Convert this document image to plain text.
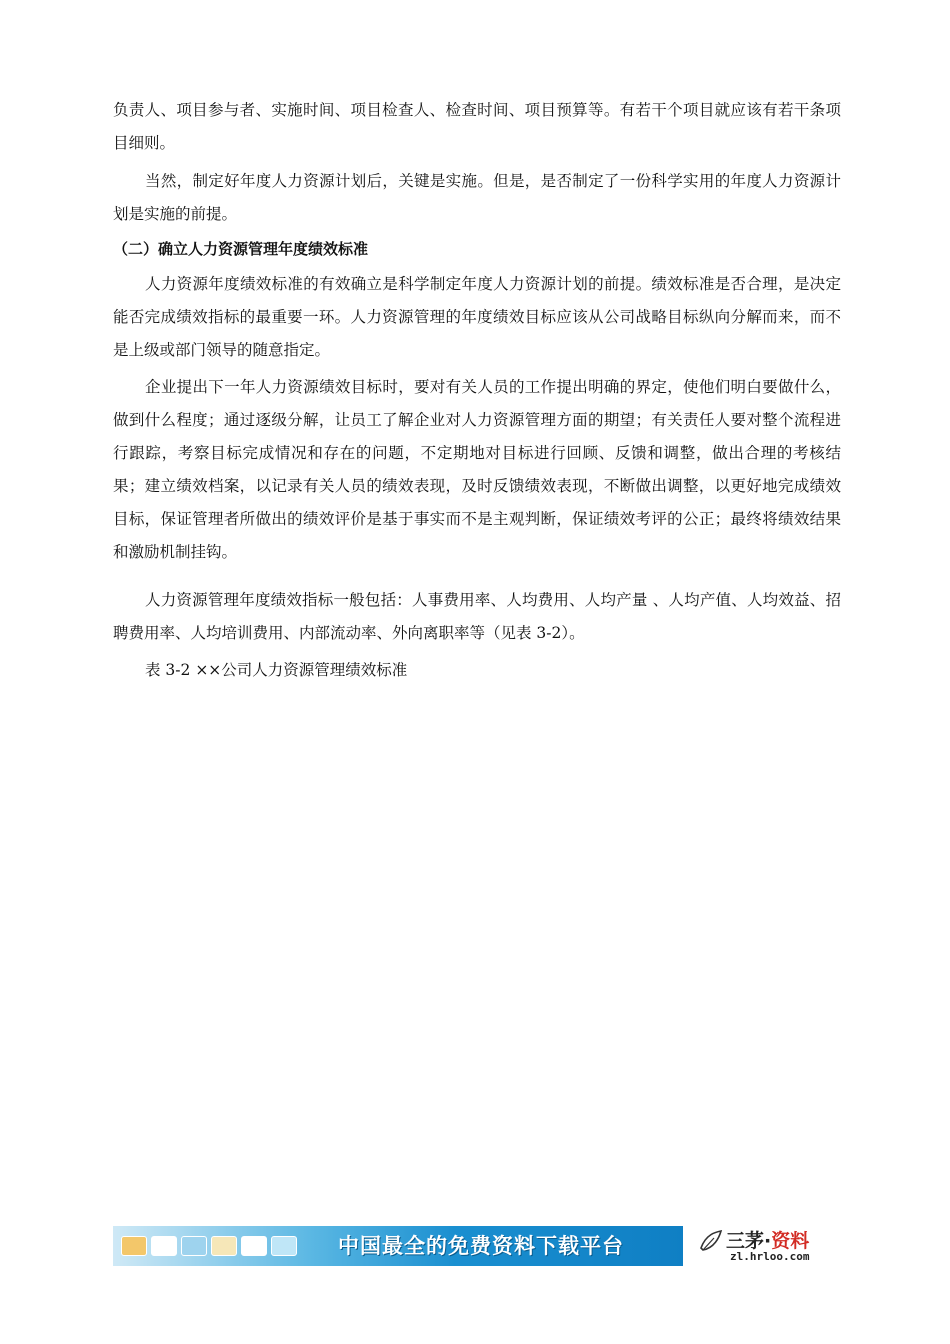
负责人、项目参与者、实施时间、项目检查人、检查时间、项目预算等。有若干个项目就应该有若干条项目细则。

当然，制定好年度人力资源计划后，关键是实施。但是，是否制定了一份科学实用的年度人力资源计划是实施的前提。

（二）确立人力资源管理年度绩效标准

人力资源年度绩效标准的有效确立是科学制定年度人力资源计划的前提。绩效标准是否合理，是决定能否完成绩效指标的最重要一环。人力资源管理的年度绩效目标应该从公司战略目标纵向分解而来，而不是上级或部门领导的随意指定。

企业提出下一年人力资源绩效目标时，要对有关人员的工作提出明确的界定，使他们明白要做什么，做到什么程度；通过逐级分解，让员工了解企业对人力资源管理方面的期望；有关责任人要对整个流程进行跟踪，考察目标完成情况和存在的问题，不定期地对目标进行回顾、反馈和调整，做出合理的考核结果；建立绩效档案，以记录有关人员的绩效表现，及时反馈绩效表现，不断做出调整，以更好地完成绩效目标，保证管理者所做出的绩效评价是基于事实而不是主观判断，保证绩效考评的公正；最终将绩效结果和激励机制挂钩。

人力资源管理年度绩效指标一般包括：人事费用率、人均费用、人均产量 、人均产值、人均效益、招聘费用率、人均培训费用、内部流动率、外向离职率等（见表 3-2）。

表 3-2 ××公司人力资源管理绩效标准

中国最全的免费资料下载平台	三茅·资料
zl.hrloo.com
